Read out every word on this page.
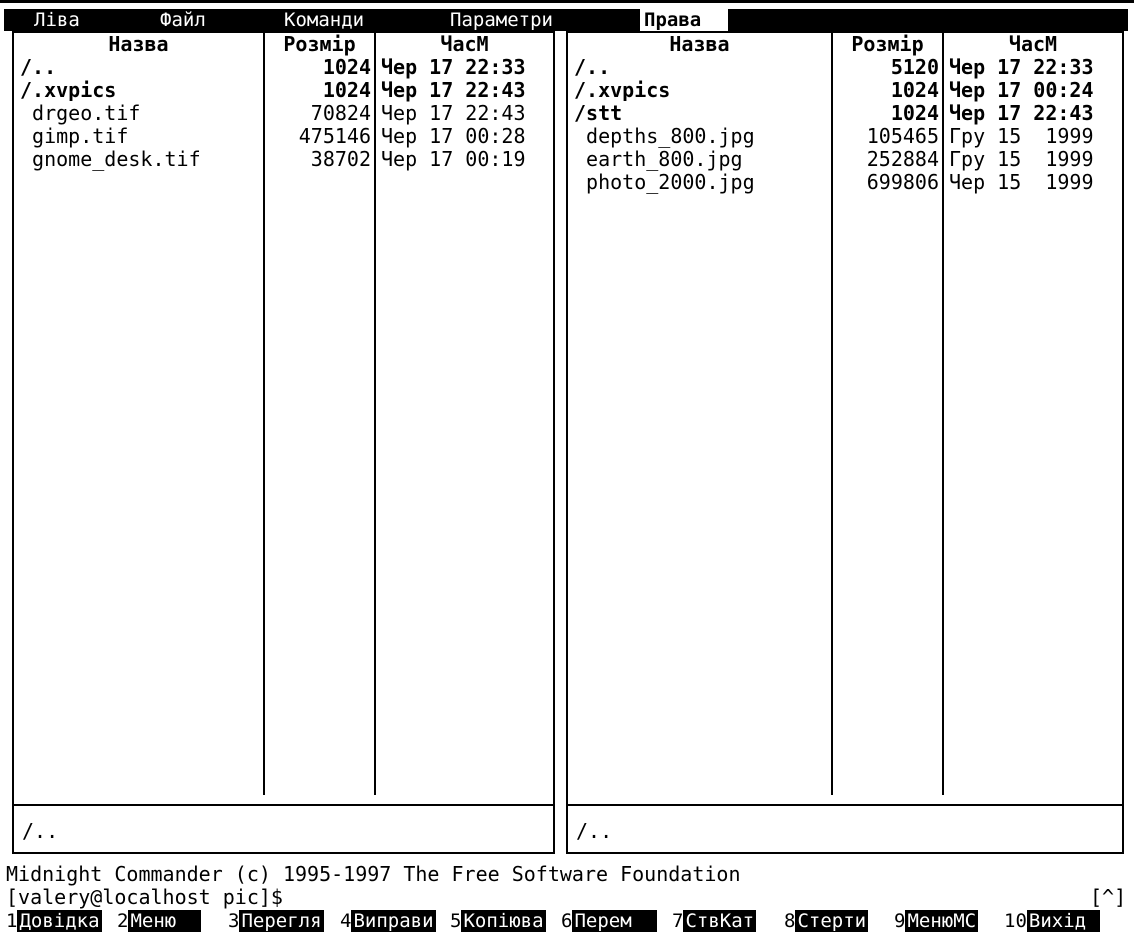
Ліва	Файл	Команди	Параметри	Права
Назва	Розмір	ЧасМ
/..	1024 Чер 17 22:33
/.xvpics	1024 Чер 17 22:43
drgeo.tif	70824 Чер 17 22:43
gimp.tif	475146 Чер 17 00:28
gnome_desk.tif	38702 Чер 17 00:19
/..
Назва	Розмір	ЧасМ
/..	5120 Чер 17 22:33
/.xvpics	1024 Чер 17 00:24
/stt	1024 Чер 17 22:43
depths_800.jpg	105465 Гру 15  1999
earth_800.jpg	252884 Гру 15  1999
photo_2000.jpg	699806 Чер 15  1999
/..
Midnight Commander (c) 1995-1997 The Free Software Foundation
[valery@localhost pic]$	[^]
1 Довідка 2 Меню 3 Перегля 4 Виправи 5 Копіюва 6 Перем 7 СтвКат 8 Стерти 9 МенюМС 10 Вихід
